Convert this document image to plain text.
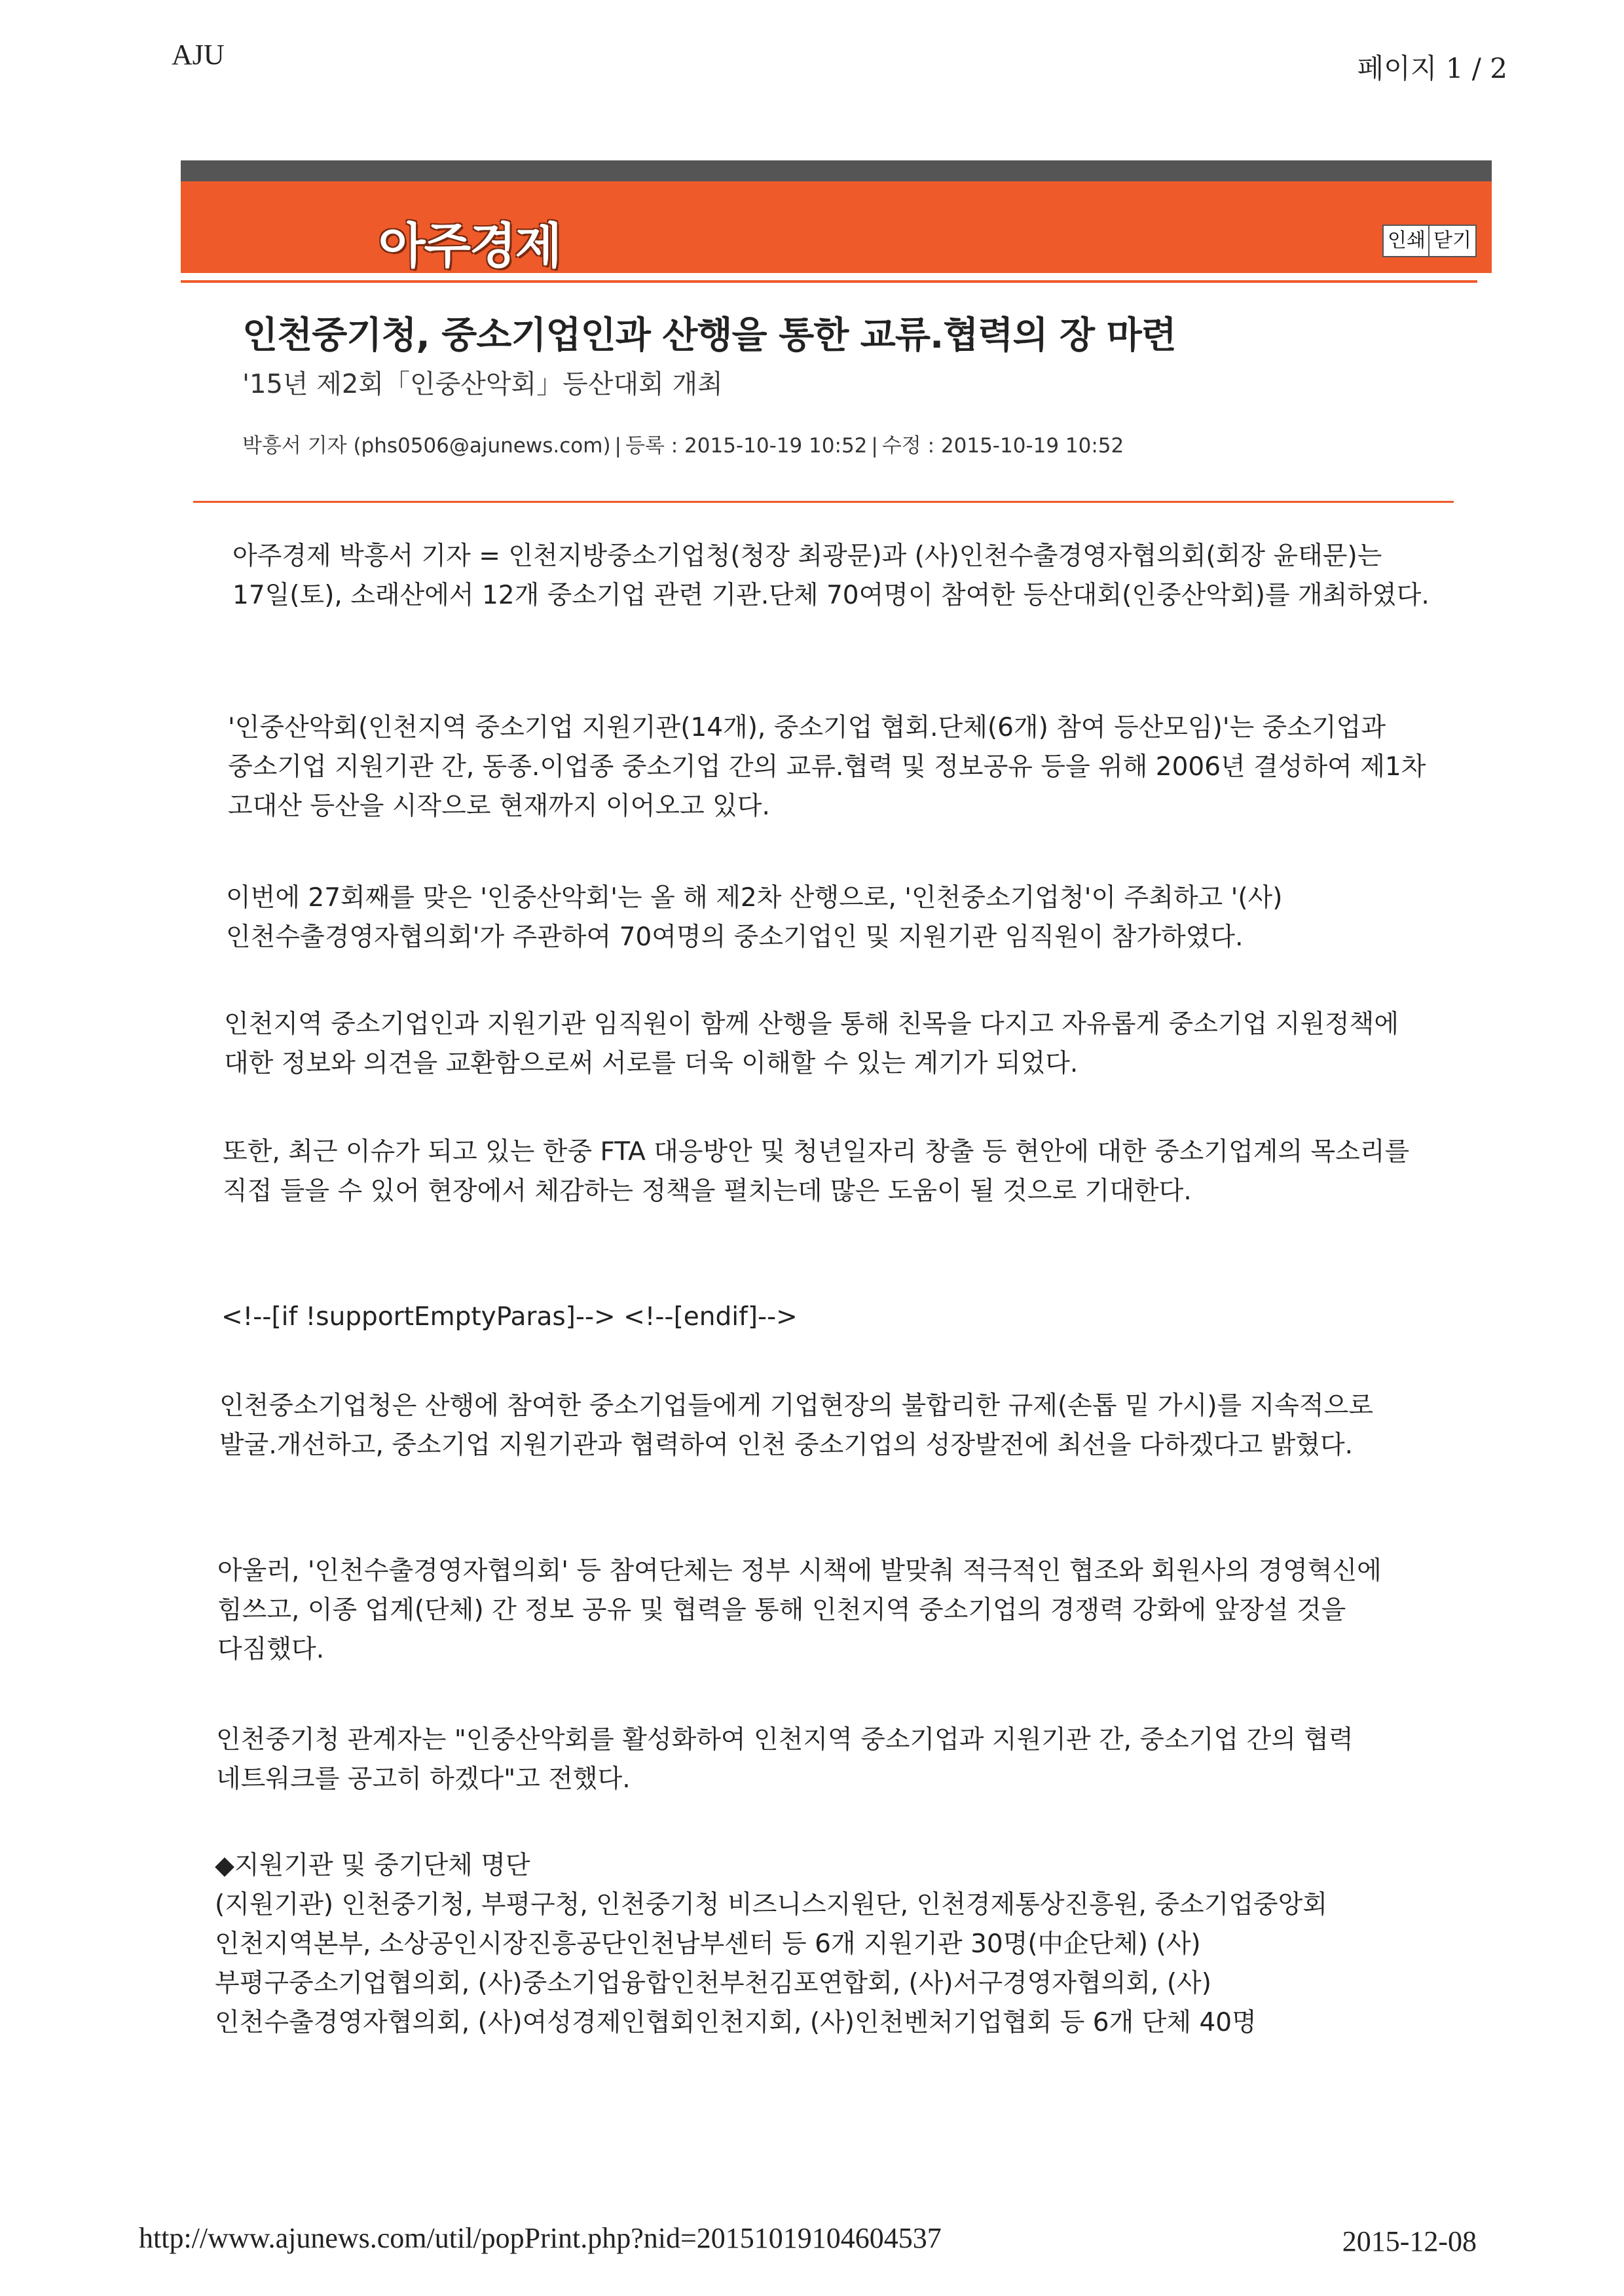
AJU	페이지 1 / 2
아주경제	인쇄 닫기
인천중기청, 중소기업인과 산행을 통한 교류.협력의 장 마련
'15년 제2회「인중산악회」등산대회 개최
박흥서 기자 (phs0506@ajunews.com) | 등록 : 2015-10-19 10:52 | 수정 : 2015-10-19 10:52

아주경제 박흥서 기자 = 인천지방중소기업청(청장 최광문)과 (사)인천수출경영자협의회(회장 윤태문)는 17일(토), 소래산에서 12개 중소기업 관련 기관.단체 70여명이 참여한 등산대회(인중산악회)를 개최하였다.

'인중산악회(인천지역 중소기업 지원기관(14개), 중소기업 협회.단체(6개) 참여 등산모임)'는 중소기업과 중소기업 지원기관 간, 동종.이업종 중소기업 간의 교류.협력 및 정보공유 등을 위해 2006년 결성하여 제1차 고대산 등산을 시작으로 현재까지 이어오고 있다.

이번에 27회째를 맞은 '인중산악회'는 올 해 제2차 산행으로, '인천중소기업청'이 주최하고 '(사)인천수출경영자협의회'가 주관하여 70여명의 중소기업인 및 지원기관 임직원이 참가하였다.

인천지역 중소기업인과 지원기관 임직원이 함께 산행을 통해 친목을 다지고 자유롭게 중소기업 지원정책에 대한 정보와 의견을 교환함으로써 서로를 더욱 이해할 수 있는 계기가 되었다.

또한, 최근 이슈가 되고 있는 한중 FTA 대응방안 및 청년일자리 창출 등 현안에 대한 중소기업계의 목소리를 직접 들을 수 있어 현장에서 체감하는 정책을 펼치는데 많은 도움이 될 것으로 기대한다.

<!--[if !supportEmptyParas]--> <!--[endif]-->

인천중소기업청은 산행에 참여한 중소기업들에게 기업현장의 불합리한 규제(손톱 밑 가시)를 지속적으로 발굴.개선하고, 중소기업 지원기관과 협력하여 인천 중소기업의 성장발전에 최선을 다하겠다고 밝혔다.

아울러, '인천수출경영자협의회' 등 참여단체는 정부 시책에 발맞춰 적극적인 협조와 회원사의 경영혁신에 힘쓰고, 이종 업계(단체) 간 정보 공유 및 협력을 통해 인천지역 중소기업의 경쟁력 강화에 앞장설 것을 다짐했다.

인천중기청 관계자는 "인중산악회를 활성화하여 인천지역 중소기업과 지원기관 간, 중소기업 간의 협력 네트워크를 공고히 하겠다"고 전했다.

◆지원기관 및 중기단체 명단

(지원기관) 인천중기청, 부평구청, 인천중기청 비즈니스지원단, 인천경제통상진흥원, 중소기업중앙회 인천지역본부, 소상공인시장진흥공단인천남부센터 등 6개 지원기관 30명(中企단체) (사)부평구중소기업협의회, (사)중소기업융합인천부천김포연합회, (사)서구경영자협의회, (사)인천수출경영자협의회, (사)여성경제인협회인천지회, (사)인천벤처기업협회 등 6개 단체 40명

http://www.ajunews.com/util/popPrint.php?nid=20151019104604537	2015-12-08
